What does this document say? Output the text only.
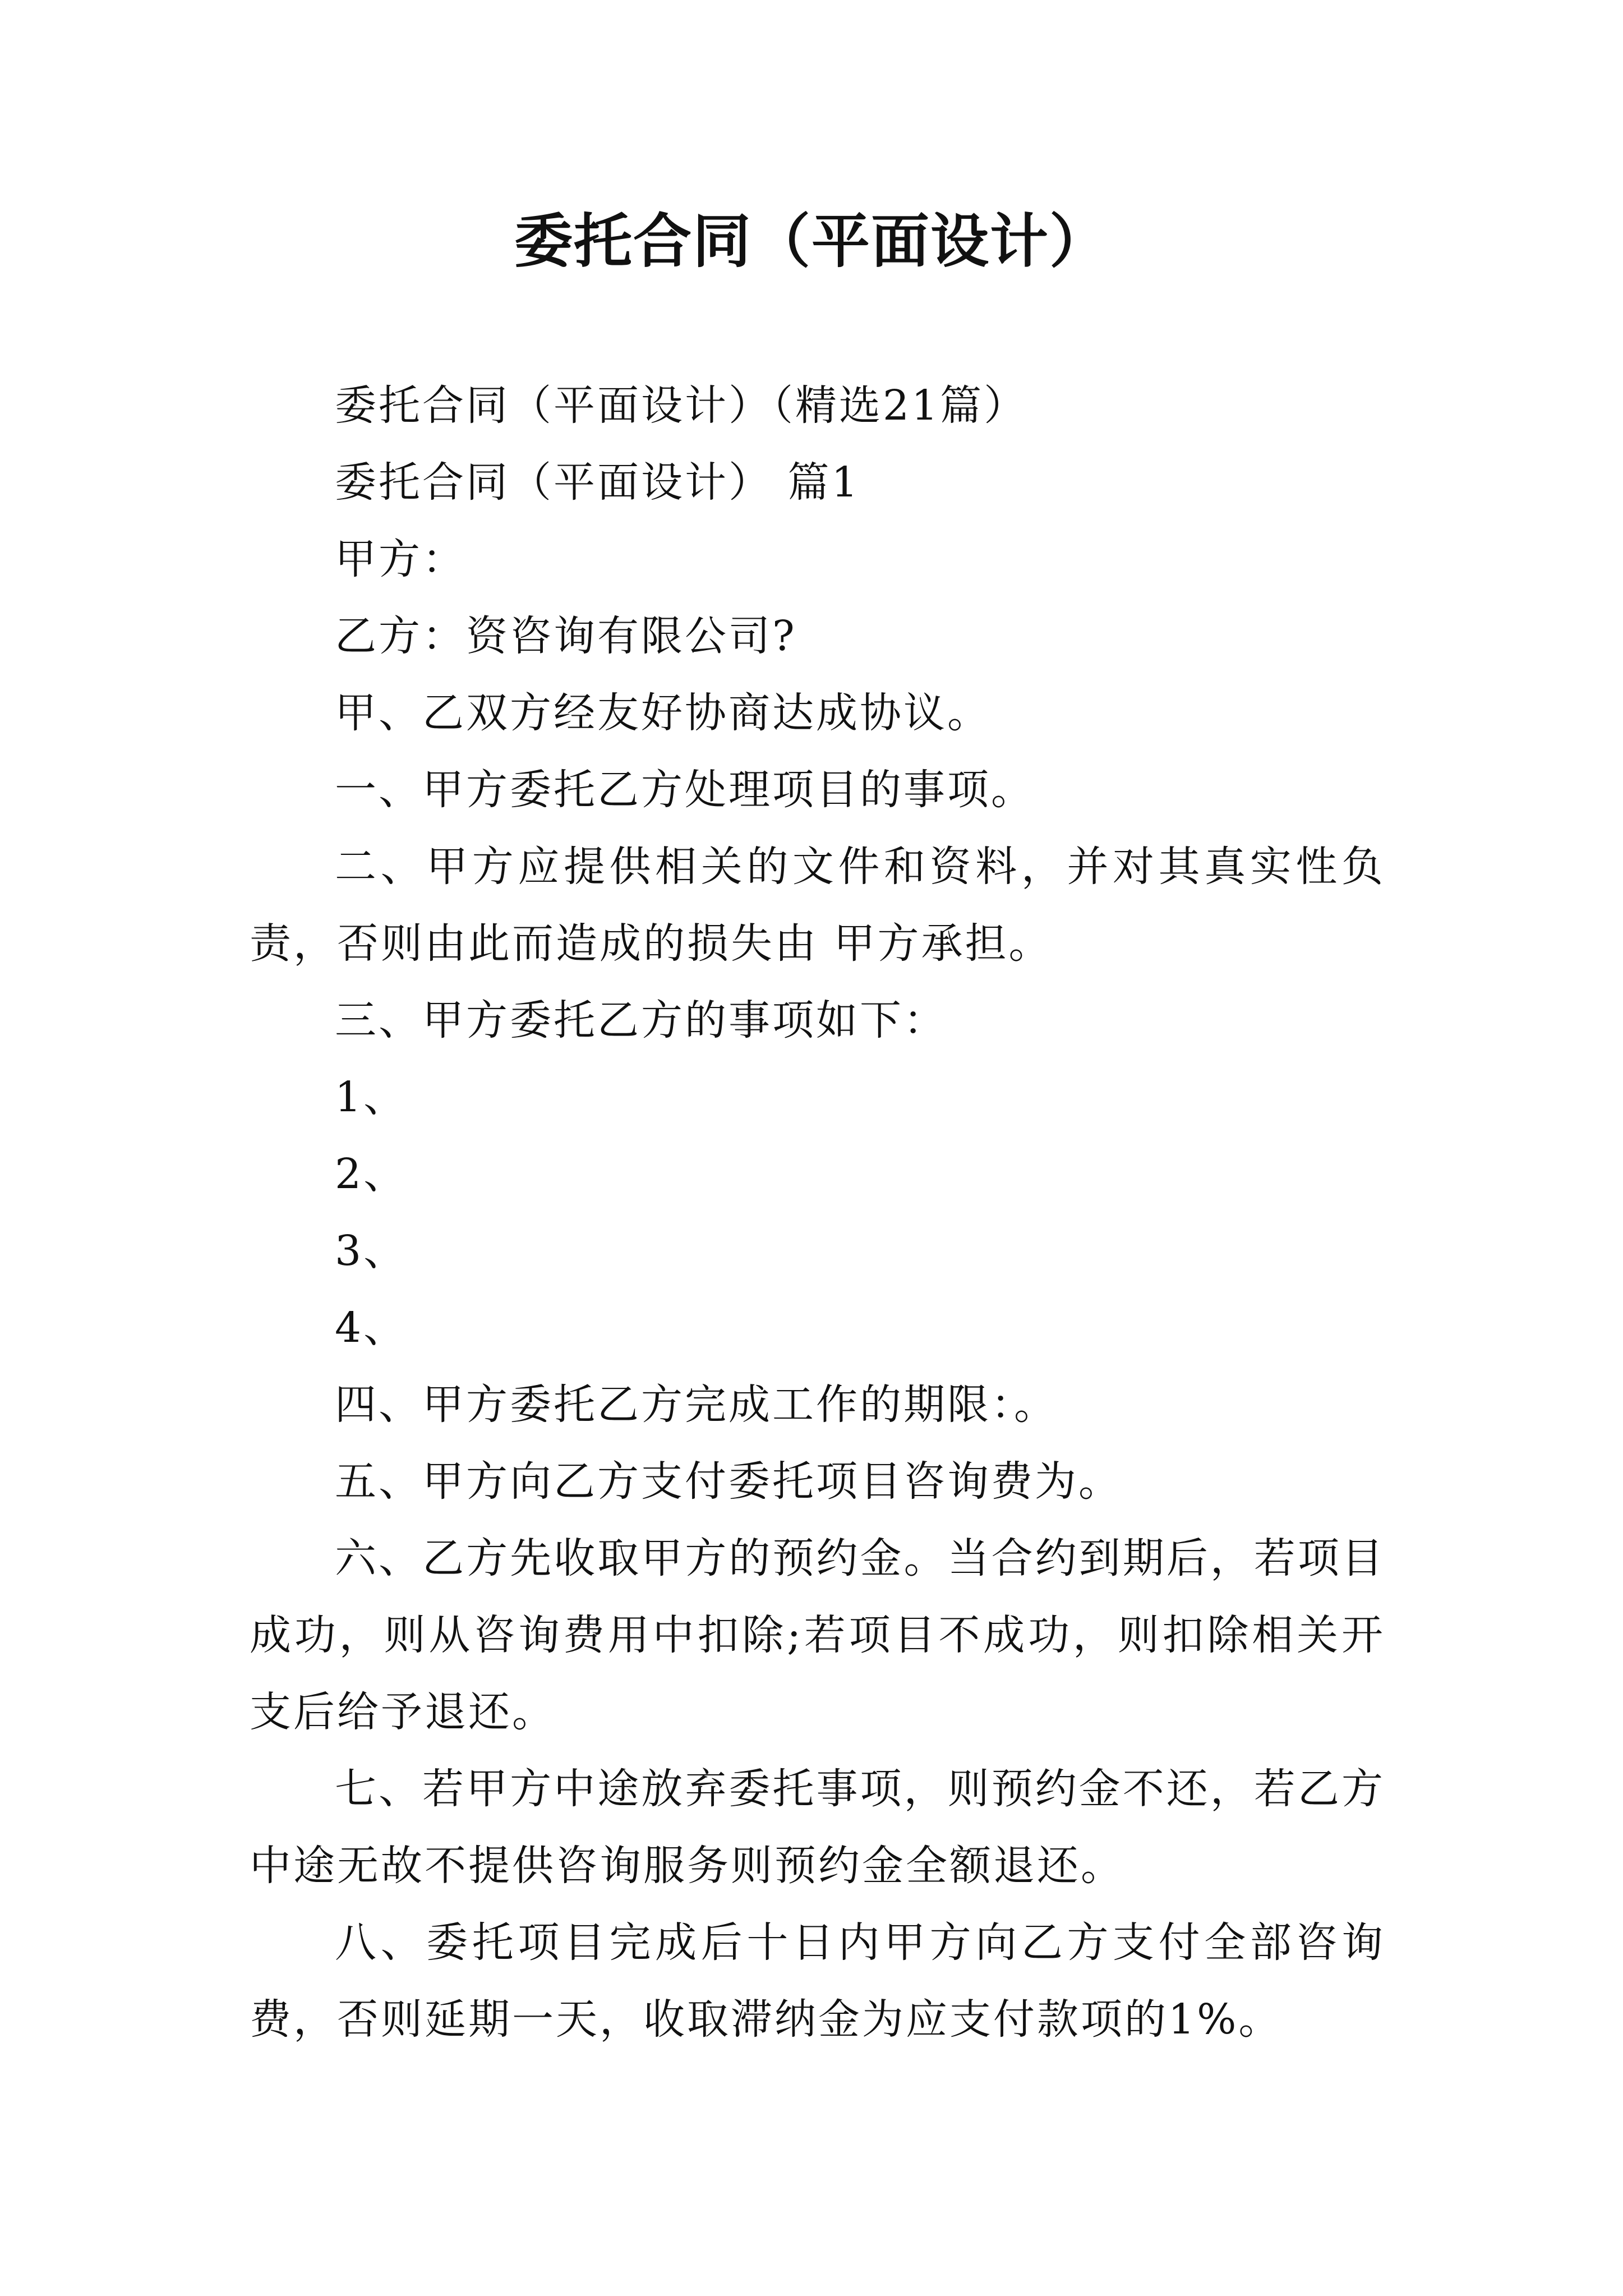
委托合同（平面设计）

委托合同（平面设计）（精选21篇）

委托合同（平面设计） 篇1

甲方：

乙方：资咨询有限公司?

甲、乙双方经友好协商达成协议。

一、甲方委托乙方处理项目的事项。

二、甲方应提供相关的文件和资料，并对其真实性负责，否则由此而造成的损失由 甲方承担。

三、甲方委托乙方的事项如下：

1、

2、

3、

4、

四、甲方委托乙方完成工作的期限：。

五、甲方向乙方支付委托项目咨询费为。

六、乙方先收取甲方的预约金。当合约到期后，若项目成功，则从咨询费用中扣除;若项目不成功，则扣除相关开支后给予退还。

七、若甲方中途放弃委托事项，则预约金不还，若乙方中途无故不提供咨询服务则预约金全额退还。

八、委托项目完成后十日内甲方向乙方支付全部咨询费，否则延期一天，收取滞纳金为应支付款项的1%。
